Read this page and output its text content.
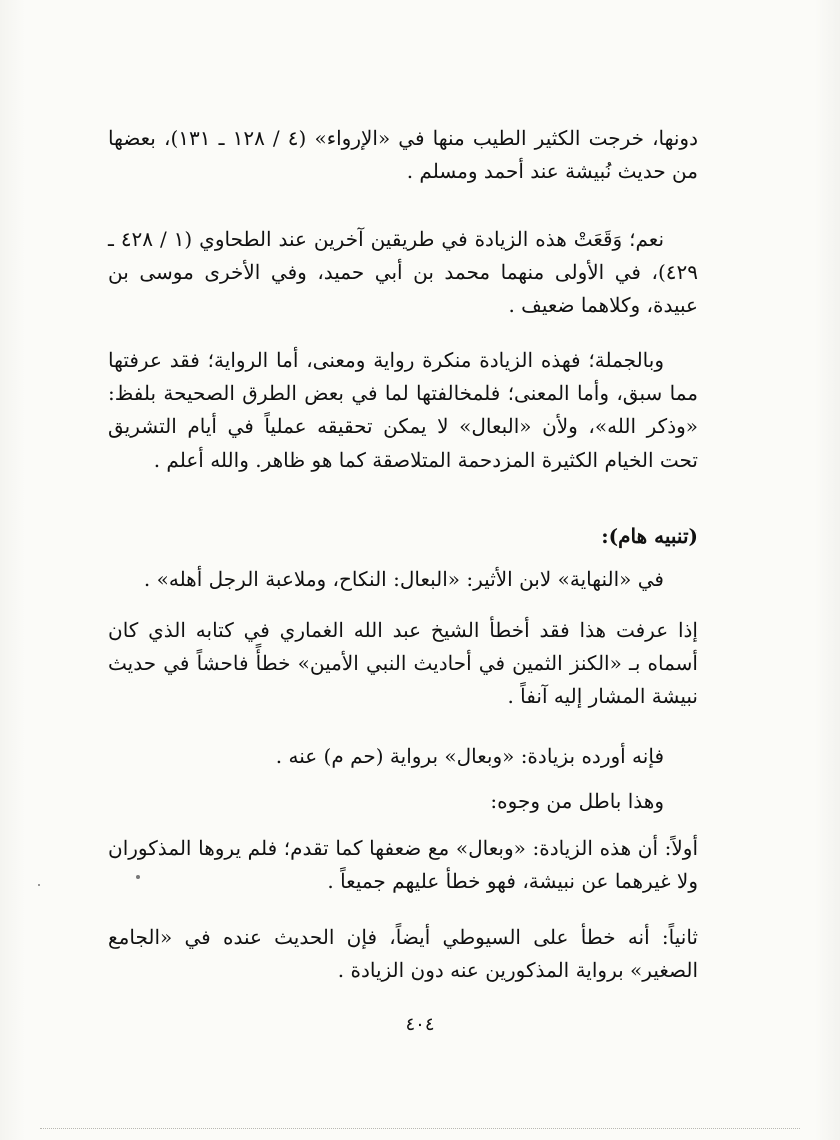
دونها، خرجت الكثير الطيب منها في «الإرواء» (٤ / ١٢٨ ـ ١٣١)، بعضها من حديث نُبيشة عند أحمد ومسلم .

نعم؛ وَقَعَتْ هذه الزيادة في طريقين آخرين عند الطحاوي (١ / ٤٢٨ ـ ٤٢٩)، في الأولى منهما محمد بن أبي حميد، وفي الأخرى موسى بن عبيدة، وكلاهما ضعيف .

وبالجملة؛ فهذه الزيادة منكرة رواية ومعنى، أما الرواية؛ فقد عرفتها مما سبق، وأما المعنى؛ فلمخالفتها لما في بعض الطرق الصحيحة بلفظ: «وذكر الله»، ولأن «البعال» لا يمكن تحقيقه عملياً في أيام التشريق تحت الخيام الكثيرة المزدحمة المتلاصقة كما هو ظاهر. والله أعلم .

(تنبيه هام):

في «النهاية» لابن الأثير: «البعال: النكاح، وملاعبة الرجل أهله» .

إذا عرفت هذا فقد أخطأ الشيخ عبد الله الغماري في كتابه الذي كان أسماه بـ «الكنز الثمين في أحاديث النبي الأمين» خطأً فاحشاً في حديث نبيشة المشار إليه آنفاً .

فإنه أورده بزيادة: «وبعال» برواية (حم م) عنه .

وهذا باطل من وجوه:

أولاً: أن هذه الزيادة: «وبعال» مع ضعفها كما تقدم؛ فلم يروها المذكوران ولا غيرهما عن نبيشة، فهو خطأ عليهم جميعاً .

ثانياً: أنه خطأ على السيوطي أيضاً، فإن الحديث عنده في «الجامع الصغير» برواية المذكورين عنه دون الزيادة .

٤٠٤
